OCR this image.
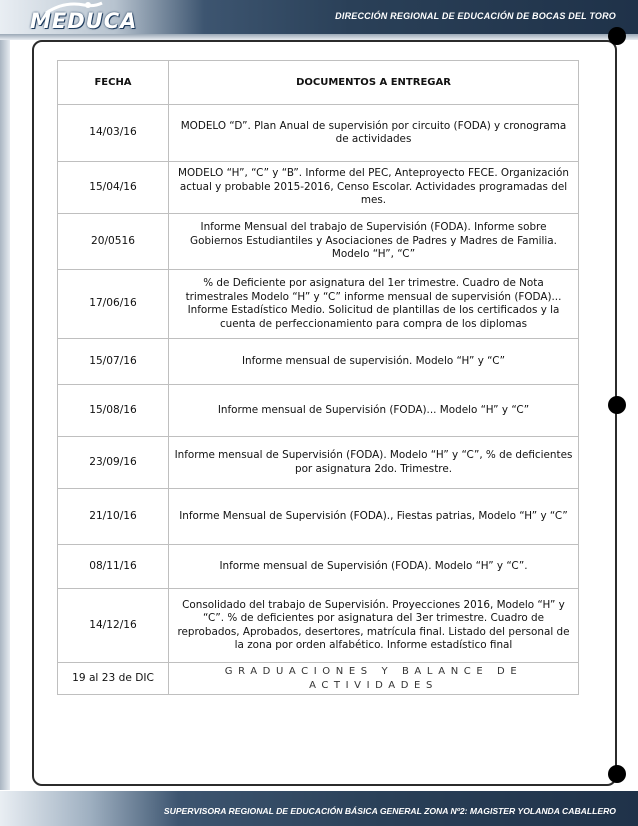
MEDUCA	DIRECCIÓN REGIONAL DE EDUCACIÓN DE BOCAS DEL TORO
FECHA	DOCUMENTOS A ENTREGAR
14/03/16	MODELO “D”. Plan Anual de supervisión por circuito (FODA) y cronograma de actividades
15/04/16	MODELO “H”, “C” y “B”. Informe del PEC, Anteproyecto FECE. Organización actual y probable 2015-2016, Censo Escolar. Actividades programadas del mes.
20/0516	Informe Mensual del trabajo de Supervisión (FODA). Informe sobre Gobiernos Estudiantiles y Asociaciones de Padres y Madres de Familia. Modelo “H”, “C”
17/06/16	% de Deficiente por asignatura del 1er trimestre. Cuadro de Nota trimestrales Modelo “H” y “C” informe mensual de supervisión (FODA)... Informe Estadístico Medio. Solicitud de plantillas de los certificados y la cuenta de perfeccionamiento para compra de los diplomas
15/07/16	Informe mensual de supervisión. Modelo “H” y “C”
15/08/16	Informe mensual de Supervisión (FODA)... Modelo “H” y “C”
23/09/16	Informe mensual de Supervisión (FODA). Modelo “H” y “C”, % de deficientes por asignatura 2do. Trimestre.
21/10/16	Informe Mensual de Supervisión (FODA)., Fiestas patrias, Modelo “H” y “C”
08/11/16	Informe mensual de Supervisión (FODA). Modelo “H” y “C”.
14/12/16	Consolidado del trabajo de Supervisión. Proyecciones 2016, Modelo “H” y “C”. % de deficientes por asignatura del 3er trimestre. Cuadro de reprobados, Aprobados, desertores, matrícula final. Listado del personal de la zona por orden alfabético. Informe estadístico final
19 al 23 de DIC	GRADUACIONES Y BALANCE DE ACTIVIDADES
SUPERVISORA REGIONAL DE EDUCACIÓN BÁSICA GENERAL ZONA Nº2: MAGISTER YOLANDA CABALLERO
